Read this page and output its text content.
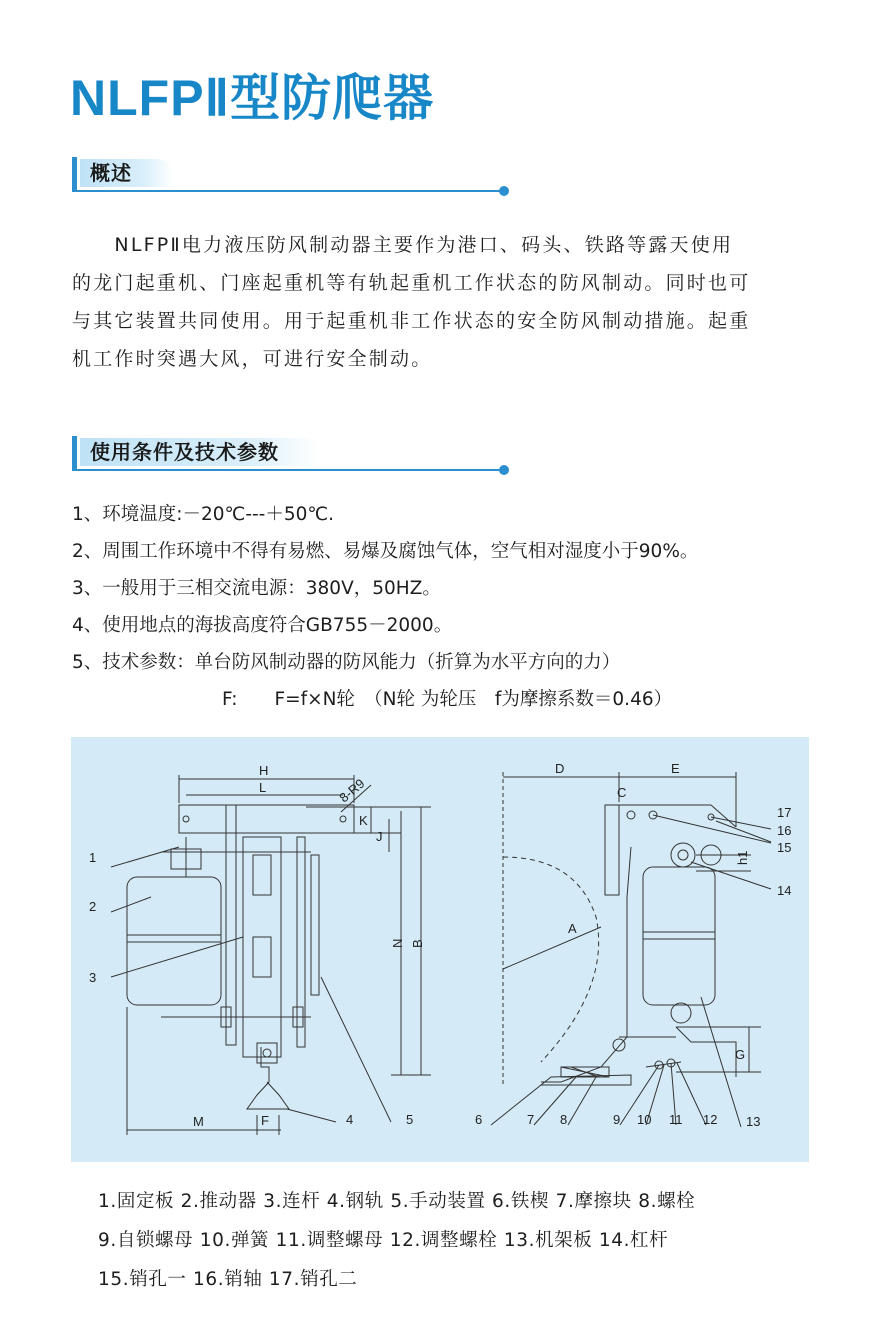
NLFPⅡ型防爬器
概述

　　NLFPⅡ电力液压防风制动器主要作为港口、码头、铁路等露天使用
的龙门起重机、门座起重机等有轨起重机工作状态的防风制动。同时也可
与其它装置共同使用。用于起重机非工作状态的安全防风制动措施。起重
机工作时突遇大风，可进行安全制动。

使用条件及技术参数
1、环境温度:－20℃---＋50℃.
2、周围工作环境中不得有易燃、易爆及腐蚀气体，空气相对湿度小于90%。
3、一般用于三相交流电源：380V，50HZ。
4、使用地点的海拔高度符合GB755－2000。
5、技术参数：单台防风制动器的防风能力（折算为水平方向的力）
F:　　F=f×N轮　（N轮 为轮压　f为摩擦系数＝0.46）
H
L	8-R9
K
J
N B
M	F
1
2
3
4	5
D	E
C
A
G
h1
17
16
15
14
13
6	7 8	9 10 11 12
1.固定板 2.推动器 3.连杆 4.钢轨 5.手动装置 6.铁楔 7.摩擦块 8.螺栓
9.自锁螺母 10.弹簧 11.调整螺母 12.调整螺栓 13.机架板 14.杠杆
15.销孔一 16.销轴 17.销孔二
